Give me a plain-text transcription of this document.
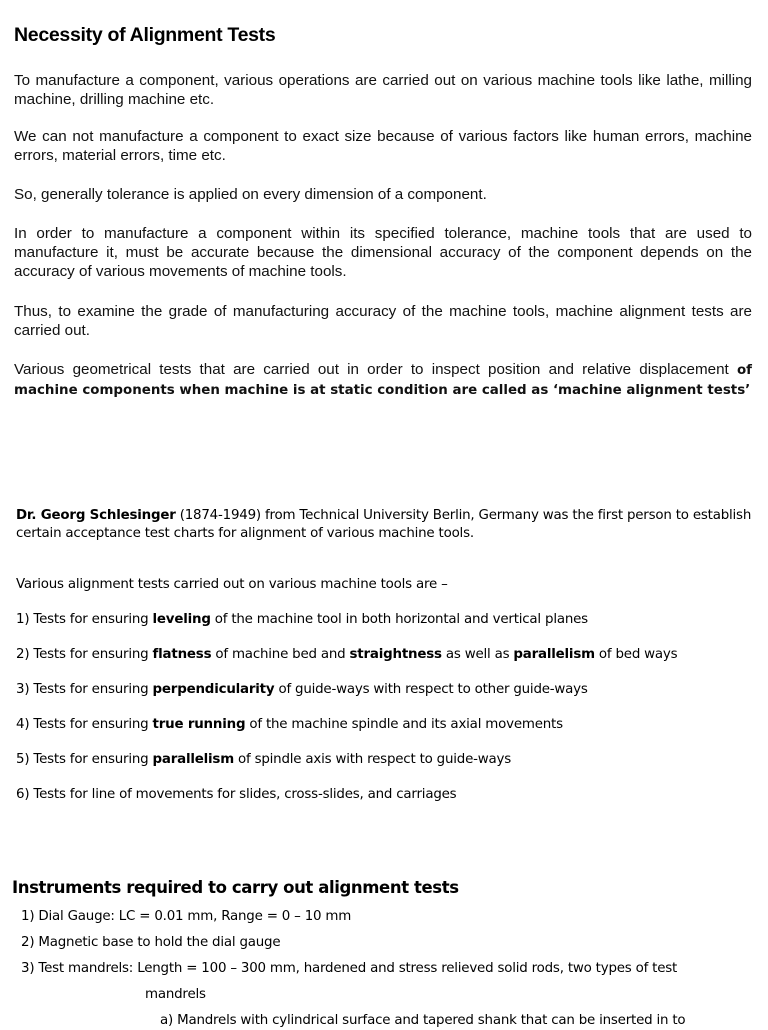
Necessity of Alignment Tests
To manufacture a component, various operations are carried out on various machine tools like lathe, milling machine, drilling machine etc.
We can not manufacture a component to exact size because of various factors like human errors, machine errors, material errors, time etc.
So, generally tolerance is applied on every dimension of a component.
In order to manufacture a component within its specified tolerance, machine tools that are used to manufacture it, must be accurate because the dimensional accuracy of the component depends on the accuracy of various movements of machine tools.
Thus, to examine the grade of manufacturing accuracy of the machine tools, machine alignment tests are carried out.
Various geometrical tests that are carried out in order to inspect position and relative displacement of machine components when machine is at static condition are called as ‘machine alignment tests’
Dr. Georg Schlesinger (1874-1949) from Technical University Berlin, Germany was the first person to establish certain acceptance test charts for alignment of various machine tools.
Various alignment tests carried out on various machine tools are –
1) Tests for ensuring leveling of the machine tool in both horizontal and vertical planes
2) Tests for ensuring flatness of machine bed and straightness as well as parallelism of bed ways
3) Tests for ensuring perpendicularity of guide-ways with respect to other guide-ways
4) Tests for ensuring true running of the machine spindle and its axial movements
5) Tests for ensuring parallelism of spindle axis with respect to guide-ways
6) Tests for line of movements for slides, cross-slides, and carriages
Instruments required to carry out alignment tests
1) Dial Gauge: LC = 0.01 mm, Range = 0 – 10 mm
2) Magnetic base to hold the dial gauge
3) Test mandrels: Length = 100 – 300 mm, hardened and stress relieved solid rods, two types of test
mandrels
a) Mandrels with cylindrical surface and tapered shank that can be inserted in to
